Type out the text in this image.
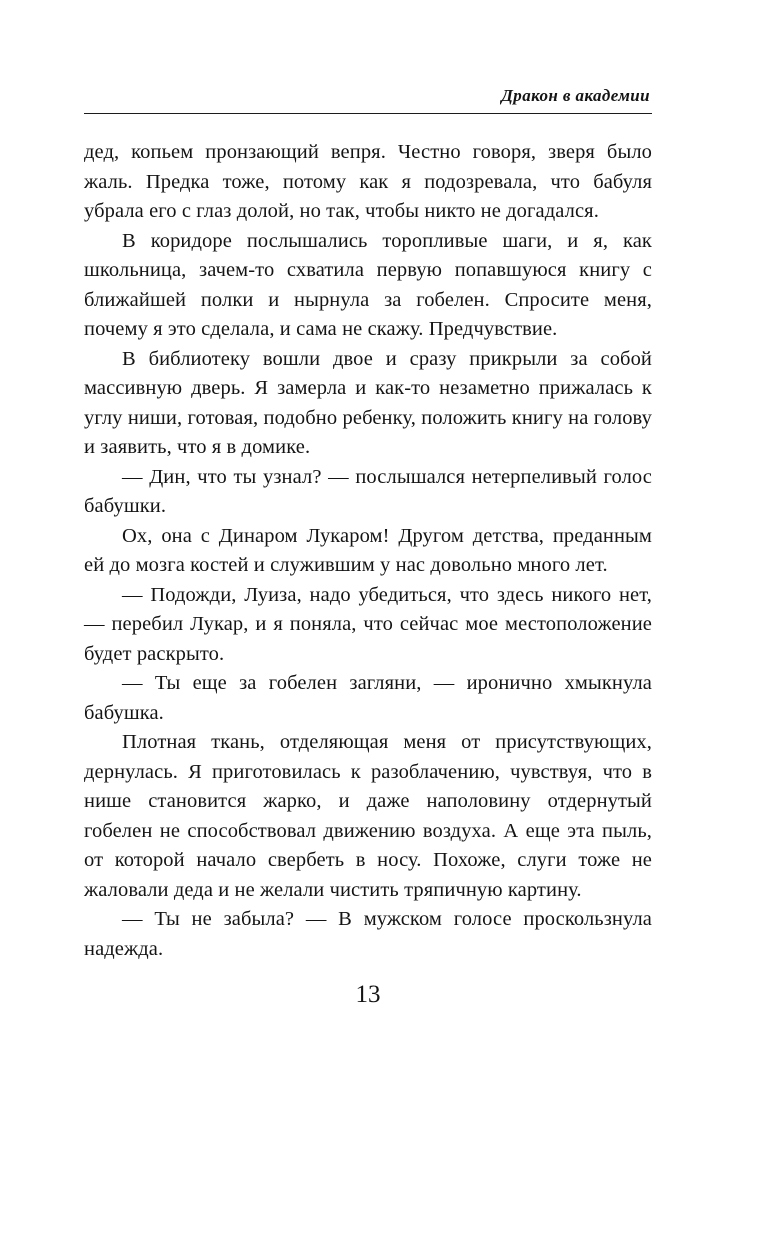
Дракон в академии

дед, копьем пронзающий вепря. Честно говоря, зверя было жаль. Предка тоже, потому как я подозревала, что бабуля убрала его с глаз долой, но так, чтобы никто не догадался.

В коридоре послышались торопливые шаги, и я, как школьница, зачем-то схватила первую попавшуюся книгу с ближайшей полки и нырнула за гобелен. Спросите меня, почему я это сделала, и сама не скажу. Предчувствие.

В библиотеку вошли двое и сразу прикрыли за собой массивную дверь. Я замерла и как-то незаметно прижалась к углу ниши, готовая, подобно ребенку, положить книгу на голову и заявить, что я в домике.

— Дин, что ты узнал? — послышался нетерпеливый голос бабушки.

Ох, она с Динаром Лукаром! Другом детства, преданным ей до мозга костей и служившим у нас довольно много лет.

— Подожди, Луиза, надо убедиться, что здесь никого нет, — перебил Лукар, и я поняла, что сейчас мое местоположение будет раскрыто.

— Ты еще за гобелен загляни, — иронично хмыкнула бабушка.

Плотная ткань, отделяющая меня от присутствующих, дернулась. Я приготовилась к разоблачению, чувствуя, что в нише становится жарко, и даже наполовину отдернутый гобелен не способствовал движению воздуха. А еще эта пыль, от которой начало свербеть в носу. Похоже, слуги тоже не жаловали деда и не желали чистить тряпичную картину.

— Ты не забыла? — В мужском голосе проскользнула надежда.

13
